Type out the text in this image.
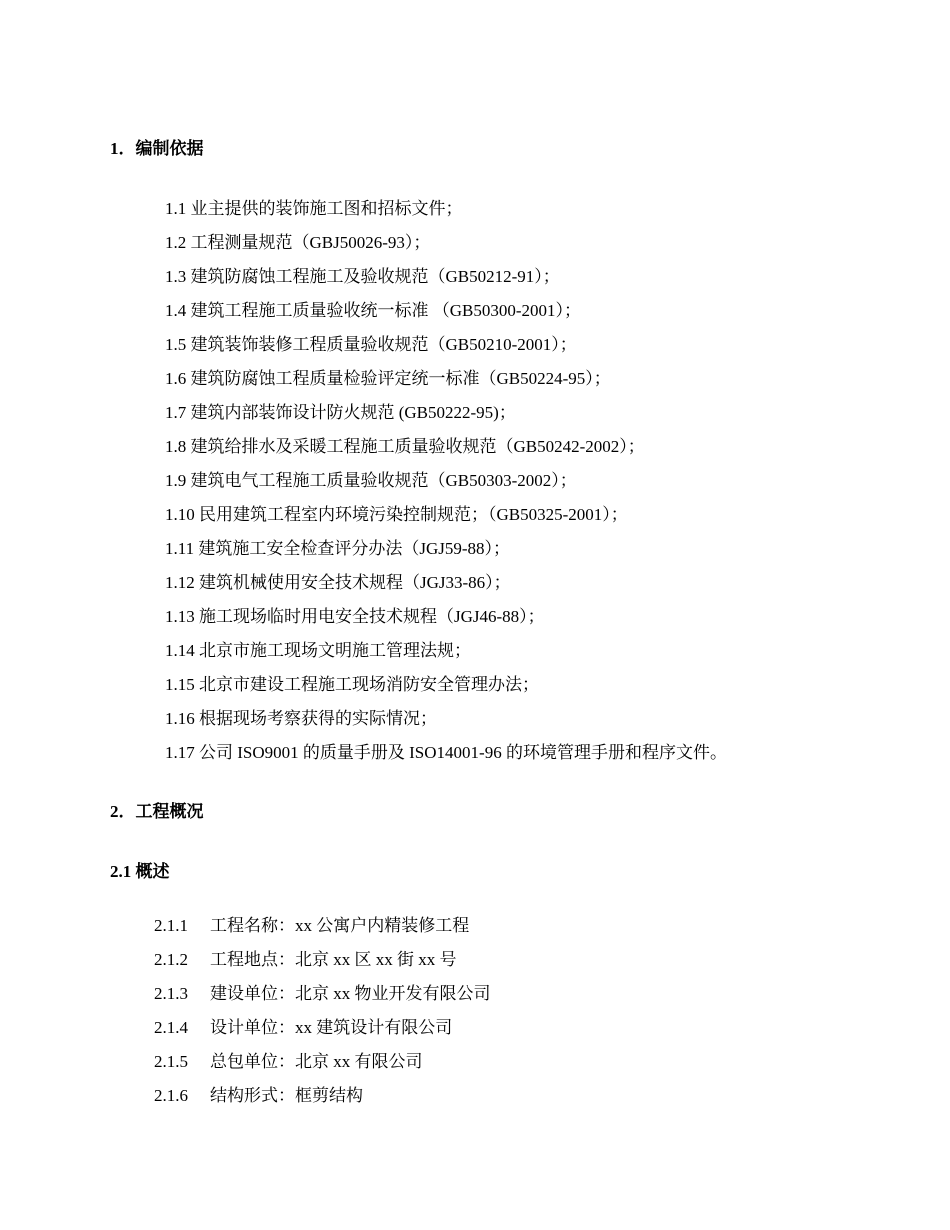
1．编制依据
1.1 业主提供的装饰施工图和招标文件；
1.2 工程测量规范（GBJ50026-93）；
1.3 建筑防腐蚀工程施工及验收规范（GB50212-91）；
1.4 建筑工程施工质量验收统一标准 （GB50300-2001）；
1.5 建筑装饰装修工程质量验收规范（GB50210-2001）；
1.6 建筑防腐蚀工程质量检验评定统一标准（GB50224-95）；
1.7 建筑内部装饰设计防火规范 (GB50222-95)；
1.8 建筑给排水及采暖工程施工质量验收规范（GB50242-2002）；
1.9 建筑电气工程施工质量验收规范（GB50303-2002）；
1.10 民用建筑工程室内环境污染控制规范；（GB50325-2001）；
1.11 建筑施工安全检查评分办法（JGJ59-88）；
1.12 建筑机械使用安全技术规程（JGJ33-86）；
1.13 施工现场临时用电安全技术规程（JGJ46-88）；
1.14 北京市施工现场文明施工管理法规；
1.15 北京市建设工程施工现场消防安全管理办法；
1.16 根据现场考察获得的实际情况；
1.17 公司 ISO9001 的质量手册及 ISO14001-96 的环境管理手册和程序文件。
2．工程概况
2.1 概述
2.1.1 工程名称：xx 公寓户内精装修工程
2.1.2 工程地点：北京 xx 区 xx 街 xx 号
2.1.3 建设单位：北京 xx 物业开发有限公司
2.1.4 设计单位：xx 建筑设计有限公司
2.1.5 总包单位：北京 xx 有限公司
2.1.6 结构形式：框剪结构
